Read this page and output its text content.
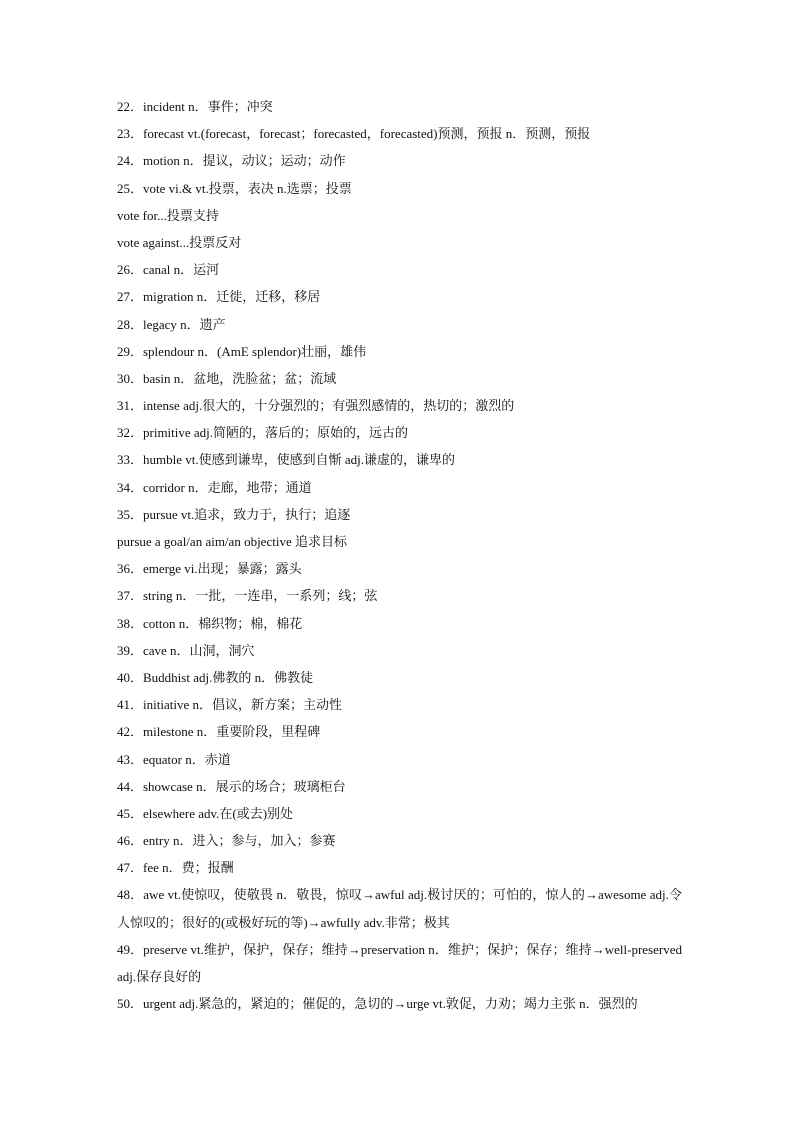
22．incident n．事件；冲突
23．forecast vt.(forecast，forecast；forecasted，forecasted)预测，预报 n．预测，预报
24．motion n．提议，动议；运动；动作
25．vote vi.& vt.投票，表决 n.选票；投票
vote for...投票支持
vote against...投票反对
26．canal n．运河
27．migration n．迁徙，迁移，移居
28．legacy n．遗产
29．splendour n．(AmE splendor)壮丽，雄伟
30．basin n．盆地，洗脸盆；盆；流域
31．intense adj.很大的，十分强烈的；有强烈感情的，热切的；激烈的
32．primitive adj.简陋的，落后的；原始的，远古的
33．humble vt.使感到谦卑，使感到自惭 adj.谦虚的，谦卑的
34．corridor n．走廊，地带；通道
35．pursue vt.追求，致力于，执行；追逐
pursue a goal/an aim/an objective 追求目标
36．emerge vi.出现；暴露；露头
37．string n．一批，一连串，一系列；线；弦
38．cotton n．棉织物；棉，棉花
39．cave n．山洞，洞穴
40．Buddhist adj.佛教的 n．佛教徒
41．initiative n．倡议，新方案；主动性
42．milestone n．重要阶段，里程碑
43．equator n．赤道
44．showcase n．展示的场合；玻璃柜台
45．elsewhere adv.在(或去)别处
46．entry n．进入；参与，加入；参赛
47．fee n．费；报酬
48．awe vt.使惊叹，使敬畏 n．敬畏，惊叹→awful adj.极讨厌的；可怕的，惊人的→awesome adj.令人惊叹的；很好的(或极好玩的等)→awfully adv.非常；极其
49．preserve vt.维护，保护，保存；维持→preservation n．维护；保护；保存；维持→well-preserved adj.保存良好的
50．urgent adj.紧急的，紧迫的；催促的，急切的→urge vt.敦促，力劝；竭力主张 n．强烈的
